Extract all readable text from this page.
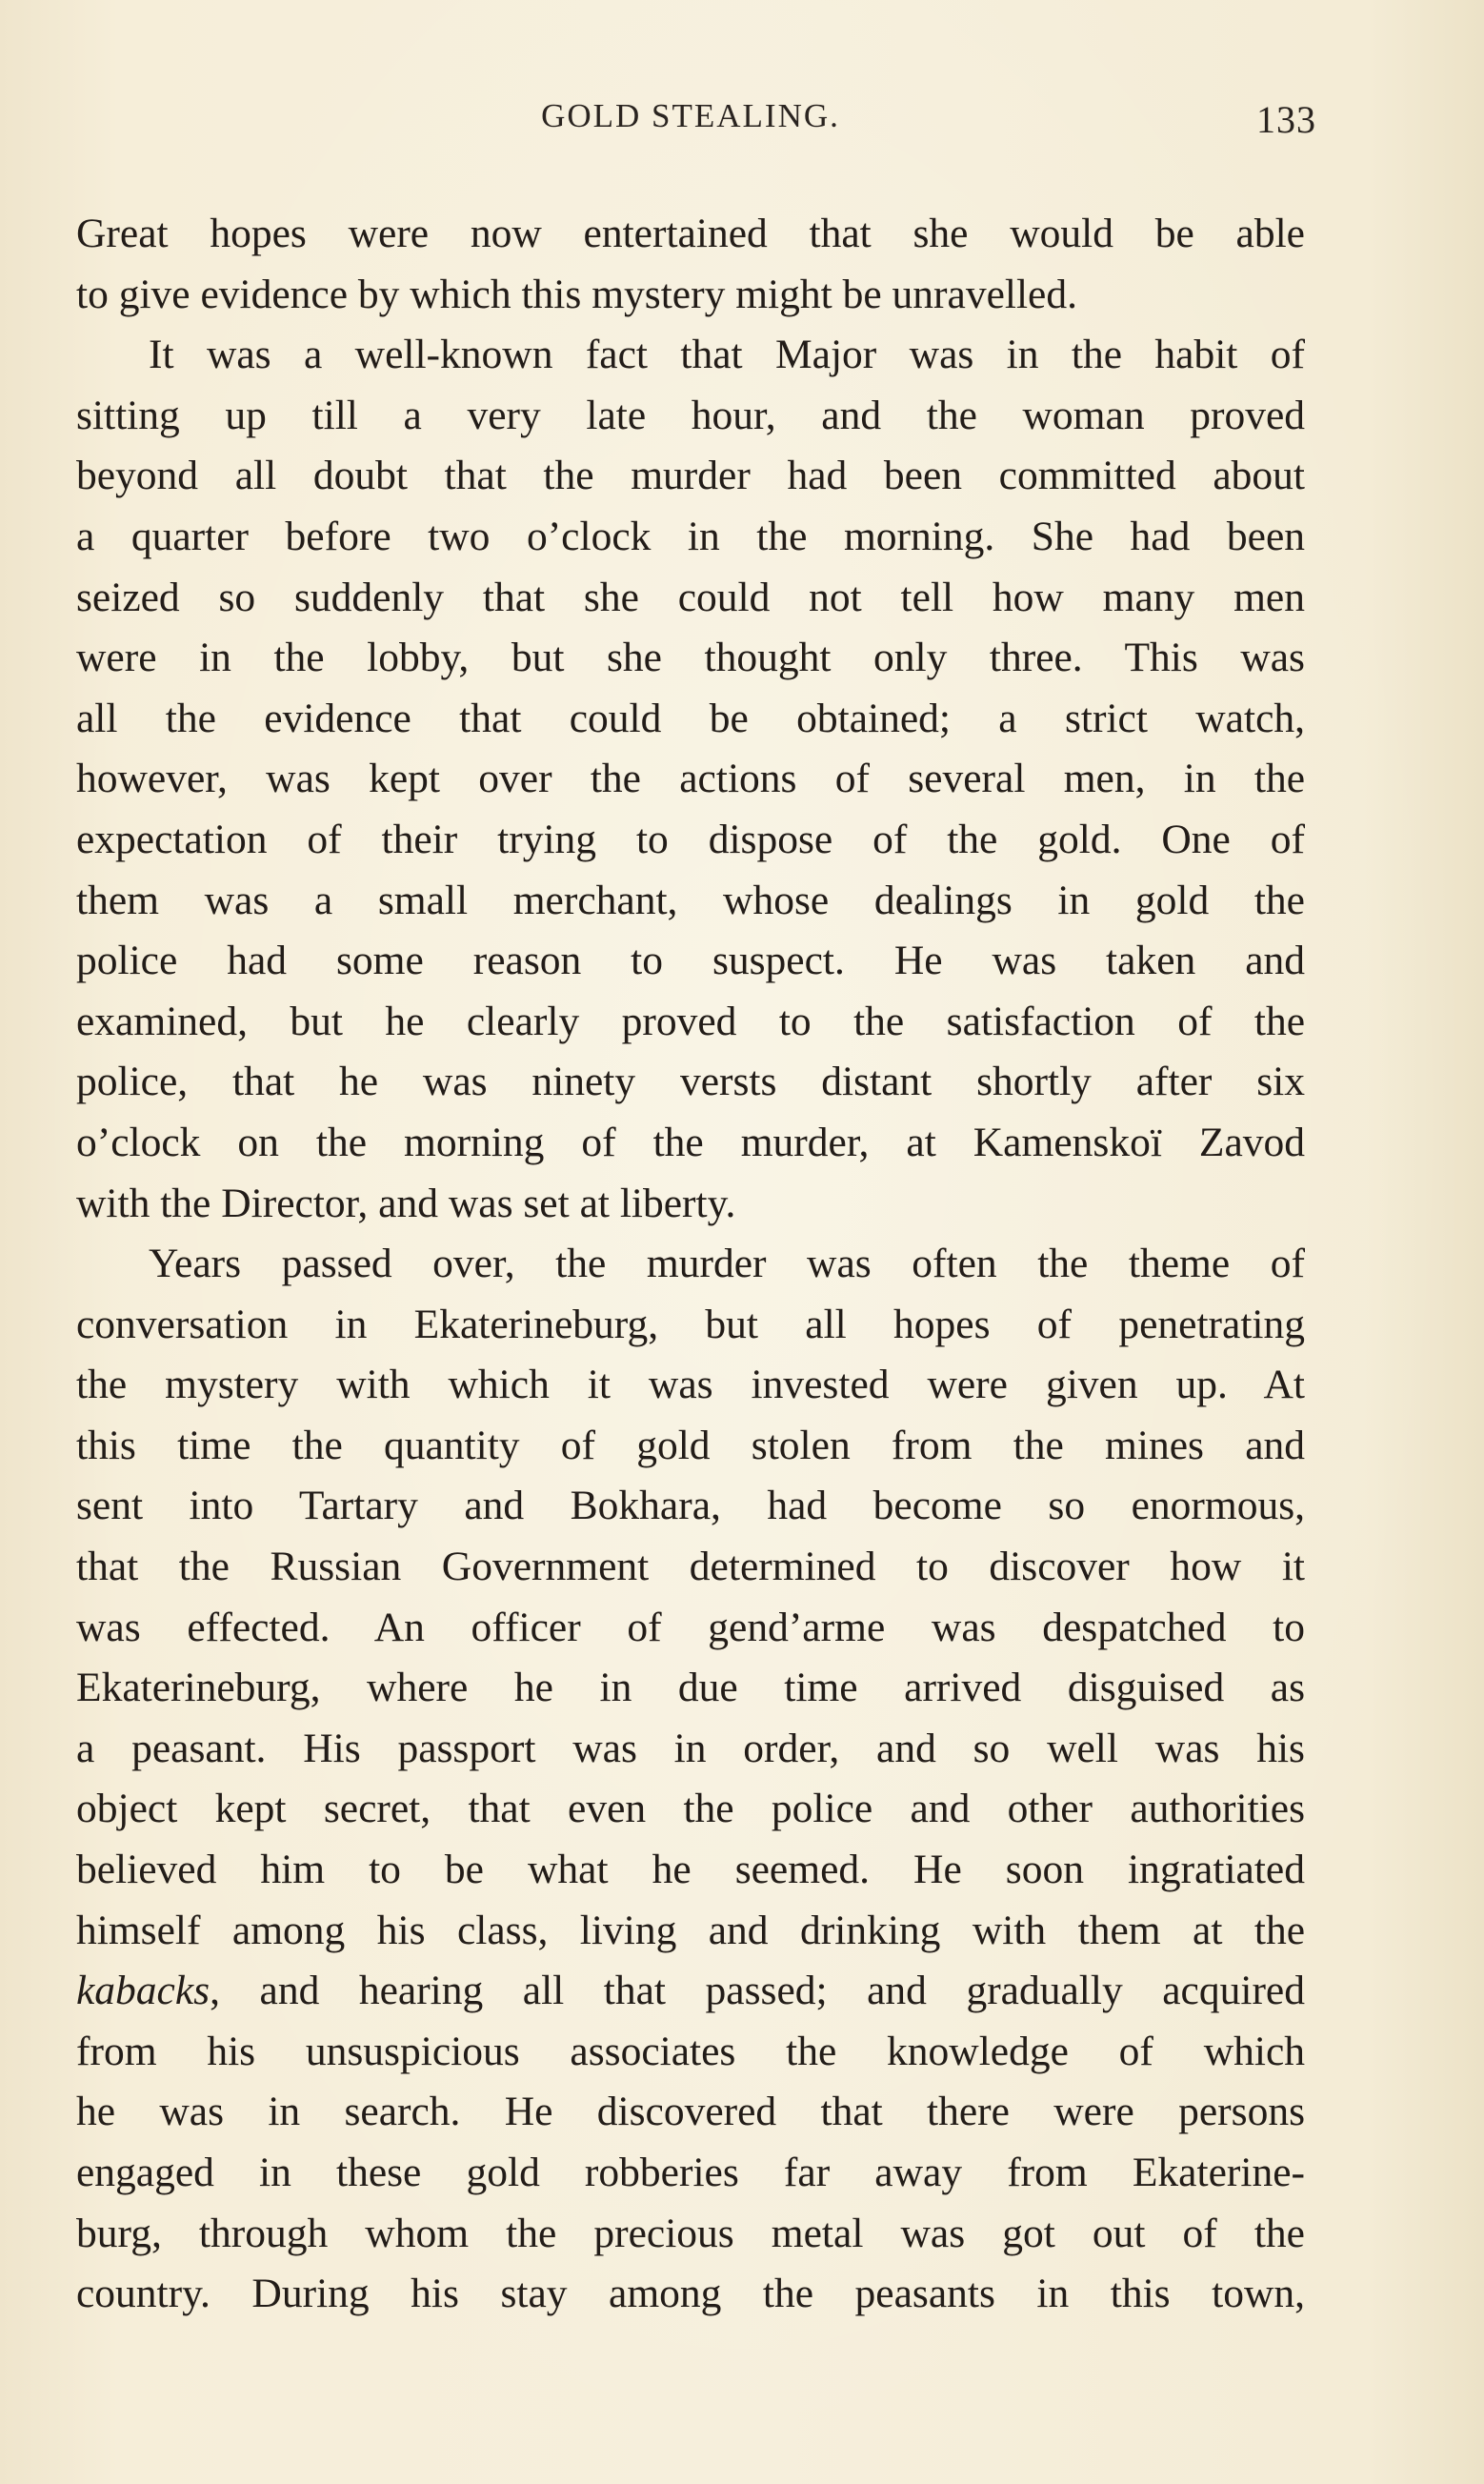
GOLD STEALING.	133
Great hopes were now entertained that she would be able
to give evidence by which this mystery might be unravelled.
It was a well-known fact that Major was in the habit of
sitting up till a very late hour, and the woman proved
beyond all doubt that the murder had been committed about
a quarter before two o’clock in the morning. She had been
seized so suddenly that she could not tell how many men
were in the lobby, but she thought only three. This was
all the evidence that could be obtained; a strict watch,
however, was kept over the actions of several men, in the
expectation of their trying to dispose of the gold. One of
them was a small merchant, whose dealings in gold the
police had some reason to suspect. He was taken and
examined, but he clearly proved to the satisfaction of the
police, that he was ninety versts distant shortly after six
o’clock on the morning of the murder, at Kamenskoï Zavod
with the Director, and was set at liberty.
Years passed over, the murder was often the theme of
conversation in Ekaterineburg, but all hopes of penetrating
the mystery with which it was invested were given up. At
this time the quantity of gold stolen from the mines and
sent into Tartary and Bokhara, had become so enormous,
that the Russian Government determined to discover how it
was effected. An officer of gend’arme was despatched to
Ekaterineburg, where he in due time arrived disguised as
a peasant. His passport was in order, and so well was his
object kept secret, that even the police and other authorities
believed him to be what he seemed. He soon ingratiated
himself among his class, living and drinking with them at the
kabacks, and hearing all that passed; and gradually acquired
from his unsuspicious associates the knowledge of which
he was in search. He discovered that there were persons
engaged in these gold robberies far away from Ekaterine-
burg, through whom the precious metal was got out of the
country. During his stay among the peasants in this town,
